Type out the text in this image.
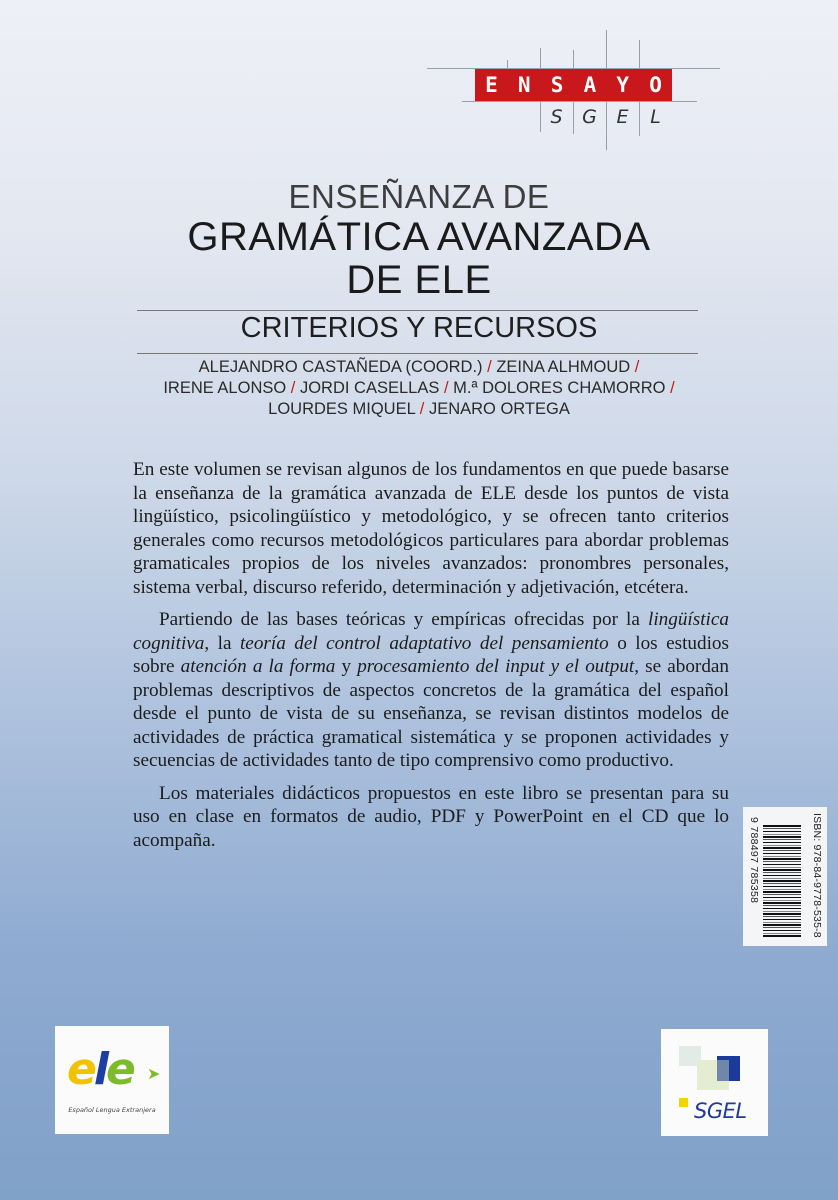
E N S A Y O
S	G	E	L
ENSEÑANZA DE
GRAMÁTICA AVANZADA
DE ELE
CRITERIOS Y RECURSOS
ALEJANDRO CASTAÑEDA (COORD.) / ZEINA ALHMOUD /
IRENE ALONSO / JORDI CASELLAS / M.ª DOLORES CHAMORRO /
LOURDES MIQUEL / JENARO ORTEGA

En este volumen se revisan algunos de los fundamentos en que puede basarse la enseñanza de la gramática avanzada de ELE desde los puntos de vista lingüístico, psicolingüístico y metodológico, y se ofrecen tanto criterios generales como recursos metodológicos particulares para abordar problemas gramaticales propios de los niveles avanzados: pronombres personales, sistema verbal, discurso referido, determinación y adjetivación, etcétera.

Partiendo de las bases teóricas y empíricas ofrecidas por la lingüística cognitiva, la teoría del control adaptativo del pensamiento o los estudios sobre atención a la forma y procesamiento del input y el output, se abordan problemas descriptivos de aspectos concretos de la gramática del español desde el punto de vista de su enseñanza, se revisan distintos modelos de actividades de práctica gramatical sistemática y se proponen actividades y secuencias de actividades tanto de tipo comprensivo como productivo.

Los materiales didácticos propuestos en este libro se presentan para su uso en clase en formatos de audio, PDF y PowerPoint en el CD que lo acompaña.	9 788497 785358	ISBN: 978-84-9778-535-8
ele ➤
Español Lengua Extranjera	SGEL
